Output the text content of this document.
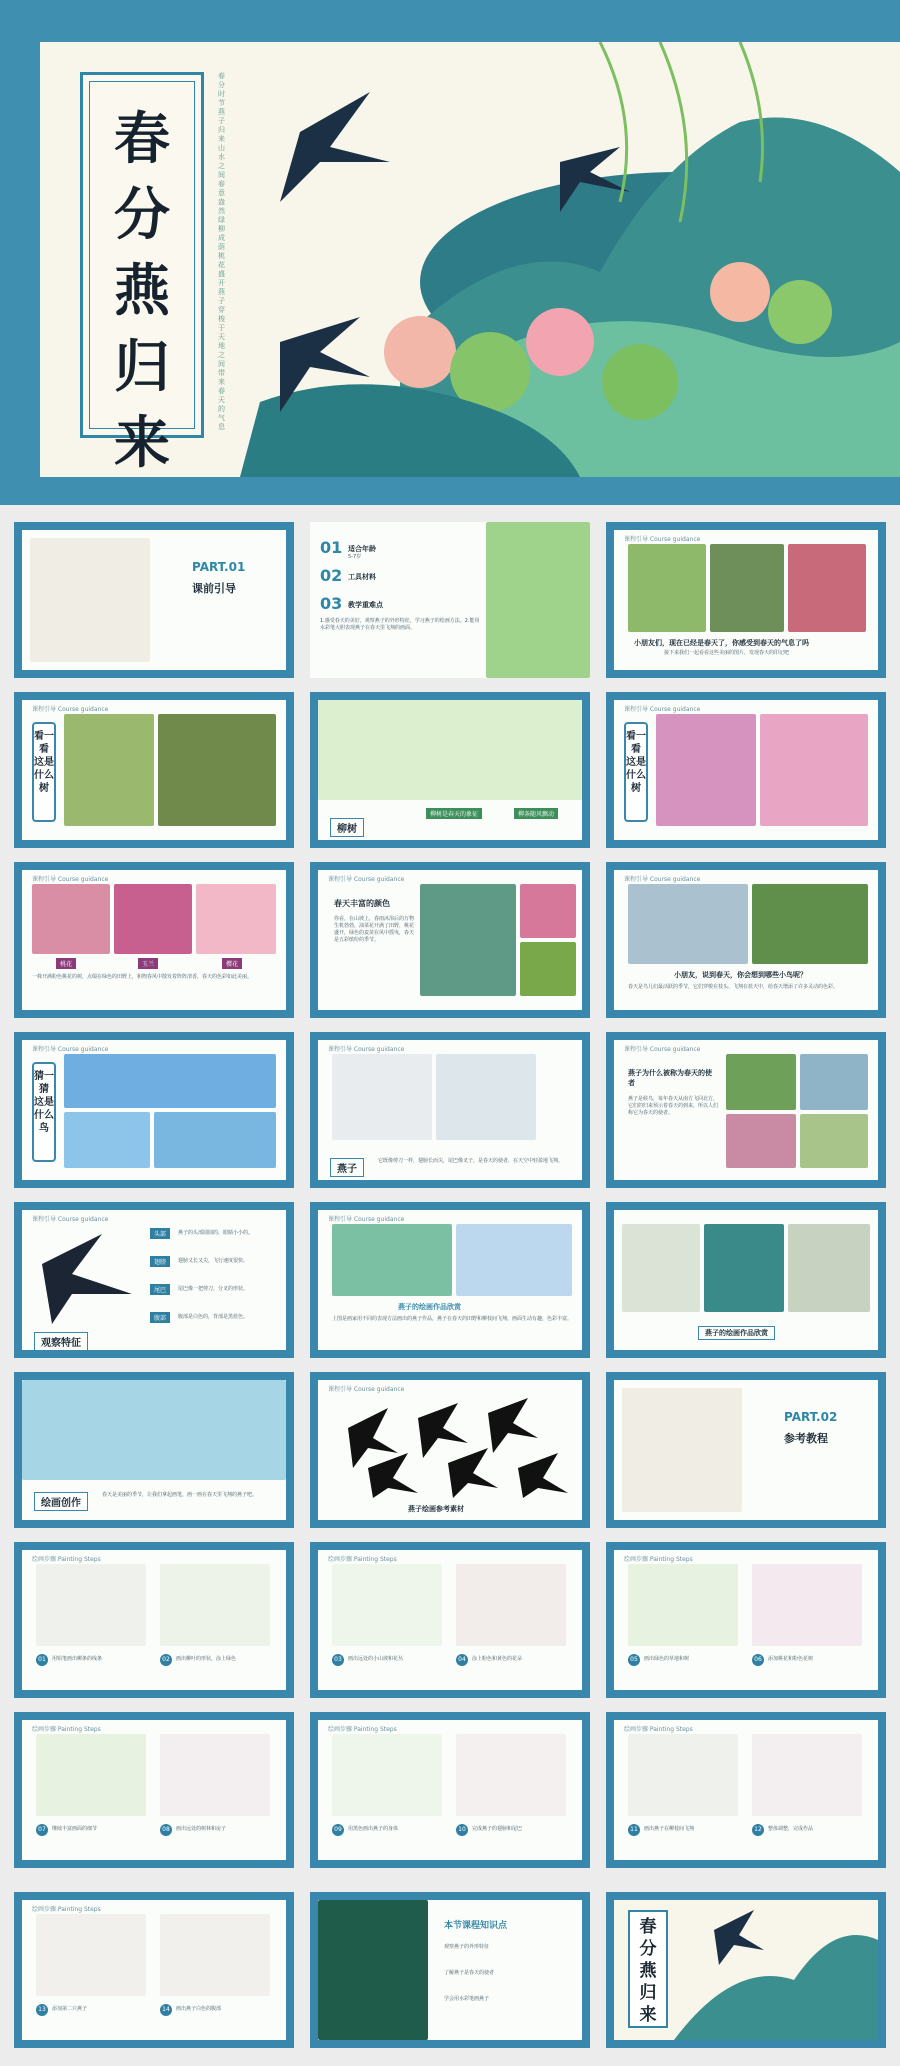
春
分
燕
归
来
春分时节燕子归来山水之间春意盎然绿柳成荫桃花盛开燕子穿梭于天地之间带来春天的气息
PART.01
课前引导
01 适合年龄
5-7岁
02 工具材料
03 教学重难点
1.感受春天的美好，观察燕子的外形特征，学习燕子的绘画方法。2.能用水彩笔大胆表现燕子在春天里飞翔的画面。
课程引导 Course guidance
小朋友们，现在已经是春天了，你感受到春天的气息了吗
接下来我们一起看看这些美丽的图片，发现春天的印记吧
课程引导 Course guidance
看一看 这是什么树
柳树
柳树是春天的象征	柳条随风飘动
课程引导 Course guidance
看一看 这是什么树
课程引导 Course guidance
桃花	玉兰	樱花
一株开满粉色桃花的树，点缀在绿色的田野上，和煦春风中散发着阵阵清香，春天的色彩如此美丽。
课程引导 Course guidance
春天丰富的颜色
你看，在山坡上，春雨沐浴后的万物生机勃勃，油菜花开满了田野，桃花盛开，绿色的麦苗在风中摇曳，春天是五彩缤纷的季节。
课程引导 Course guidance
小朋友，说到春天，你会想到哪些小鸟呢？
春天是鸟儿们最活跃的季节，它们穿梭在枝头、飞翔在蓝天中，给春天增添了许多灵动的色彩。
课程引导 Course guidance
猜一猜 这是什么鸟
课程引导 Course guidance
燕子
它既像剪刀一样，翅膀长而尖，尾巴像叉子，是春天的使者，在天空中轻盈地飞翔。
课程引导 Course guidance
燕子为什么被称为春天的使者
燕子是候鸟，每年春天从南方飞回北方，它们的归来预示着春天的到来，所以人们称它为春天的使者。
课程引导 Course guidance
观察特征
头部	燕子的头部圆圆的，眼睛小小的。
翅膀	翅膀又长又尖，飞行速度很快。
尾巴	尾巴像一把剪刀，分叉的形状。
腹部	腹部是白色的，背部是黑蓝色。
课程引导 Course guidance
燕子的绘画作品欣赏
上图是画家用不同的表现方法画出的燕子作品，燕子在春天的田野和柳枝间飞翔，画面生动有趣，色彩丰富。
燕子的绘画作品欣赏
绘画创作
春天是美丽的季节，让我们拿起画笔，画一画在春天里飞翔的燕子吧。
课程引导 Course guidance
燕子绘画参考素材
PART.02
参考教程
绘画步骤 Painting Steps
01	用铅笔画出柳条的线条	02	画出柳叶的形状，涂上绿色
绘画步骤 Painting Steps
03	画出远处的小山坡和花丛	04	涂上粉色和黄色的花朵
绘画步骤 Painting Steps
05	画出绿色的草地和树	06	添加桃花和粉色花树
绘画步骤 Painting Steps
07	继续丰富画面的细节	08	画出远处的树林和房子
绘画步骤 Painting Steps
09	用黑色画出燕子的身体	10	完成燕子的翅膀和尾巴
绘画步骤 Painting Steps
11	画出燕子在柳枝间飞翔	12	整体调整，完成作品
绘画步骤 Painting Steps
13	添加第二只燕子	14	画出燕子白色的腹部
本节课程知识点
观察燕子的外形特征
了解燕子是春天的使者
学会用水彩笔画燕子
春
分
燕
归
来
